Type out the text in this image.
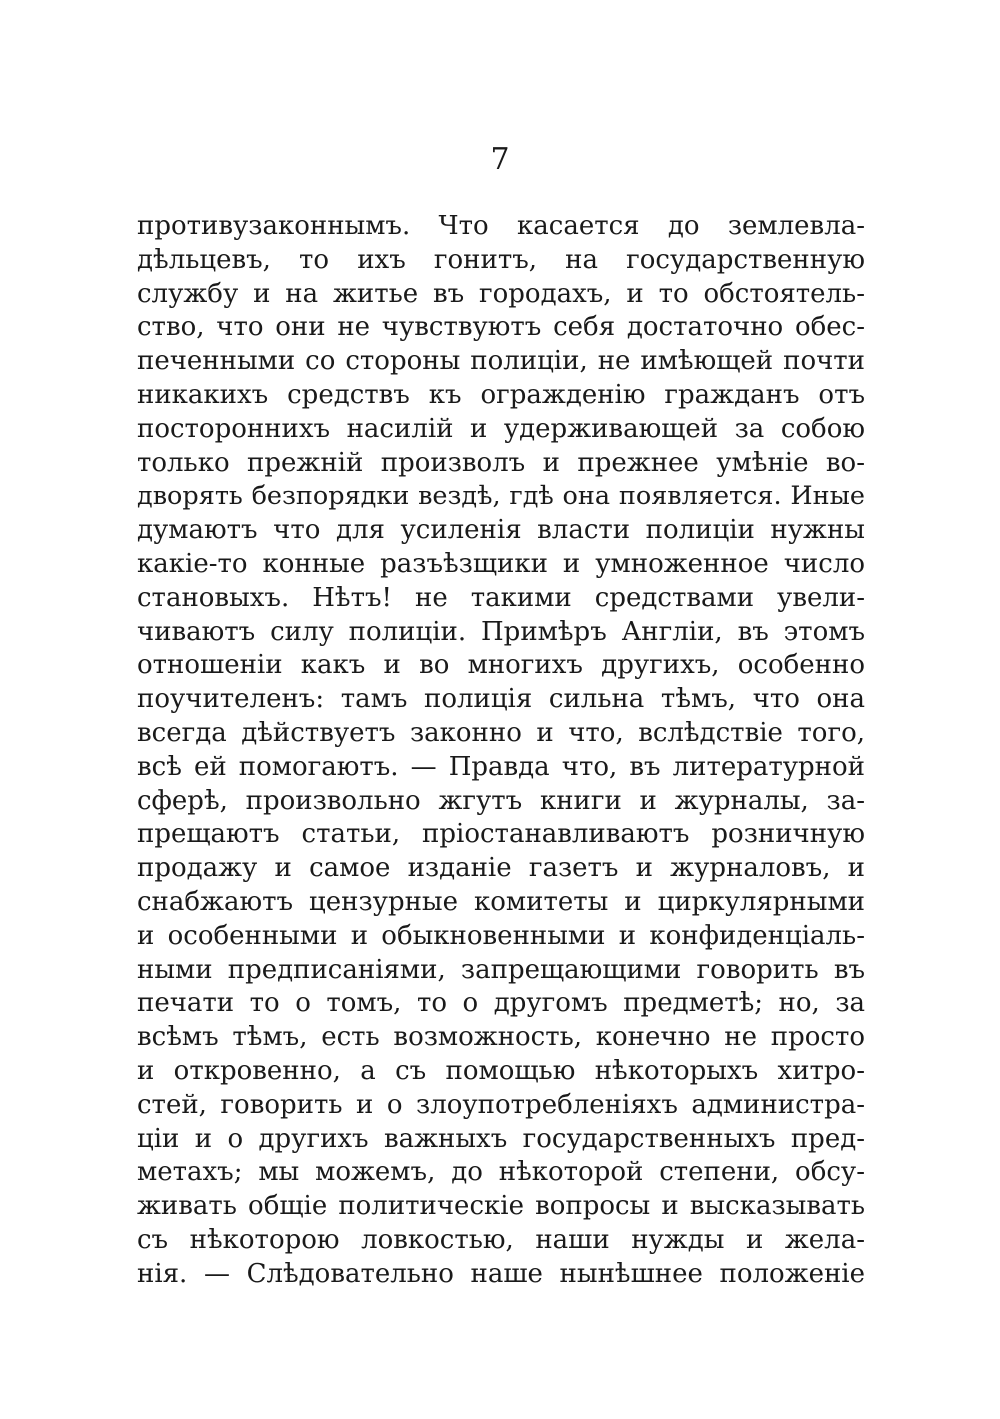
7
противузаконнымъ. Что касается до землевла-
дѣльцевъ, то ихъ гонитъ, на государственную
службу и на житье въ городахъ, и то обстоятель-
ство, что они не чувствуютъ себя достаточно обес-
печенными со стороны полиціи, не имѣющей почти
никакихъ средствъ къ огражденію гражданъ отъ
постороннихъ насилій и удерживающей за собою
только прежній произволъ и прежнее умѣніе во-
дворять безпорядки вездѣ, гдѣ она появляется. Иные
думаютъ что для усиленія власти полиціи нужны
какіе-то конные разъѣзщики и умноженное число
становыхъ. Нѣтъ! не такими средствами увели-
чиваютъ силу полиціи. Примѣръ Англіи, въ этомъ
отношеніи какъ и во многихъ другихъ, особенно
поучителенъ: тамъ полиція сильна тѣмъ, что она
всегда дѣйствуетъ законно и что, вслѣдствіе того,
всѣ ей помогаютъ. — Правда что, въ литературной
сферѣ, произвольно жгутъ книги и журналы, за-
прещаютъ статьи, пріостанавливаютъ розничную
продажу и самое изданіе газетъ и журналовъ, и
снабжаютъ цензурные комитеты и циркулярными
и особенными и обыкновенными и конфиденціаль-
ными предписаніями, запрещающими говорить въ
печати то о томъ, то о другомъ предметѣ; но, за
всѣмъ тѣмъ, есть возможность, конечно не просто
и откровенно, а съ помощью нѣкоторыхъ хитро-
стей, говорить и о злоупотребленіяхъ администра-
ціи и о другихъ важныхъ государственныхъ пред-
метахъ; мы можемъ, до нѣкоторой степени, обсу-
живать общіе политическіе вопросы и высказывать
съ нѣкоторою ловкостью, наши нужды и жела-
нія. — Слѣдовательно наше нынѣшнее положеніе
